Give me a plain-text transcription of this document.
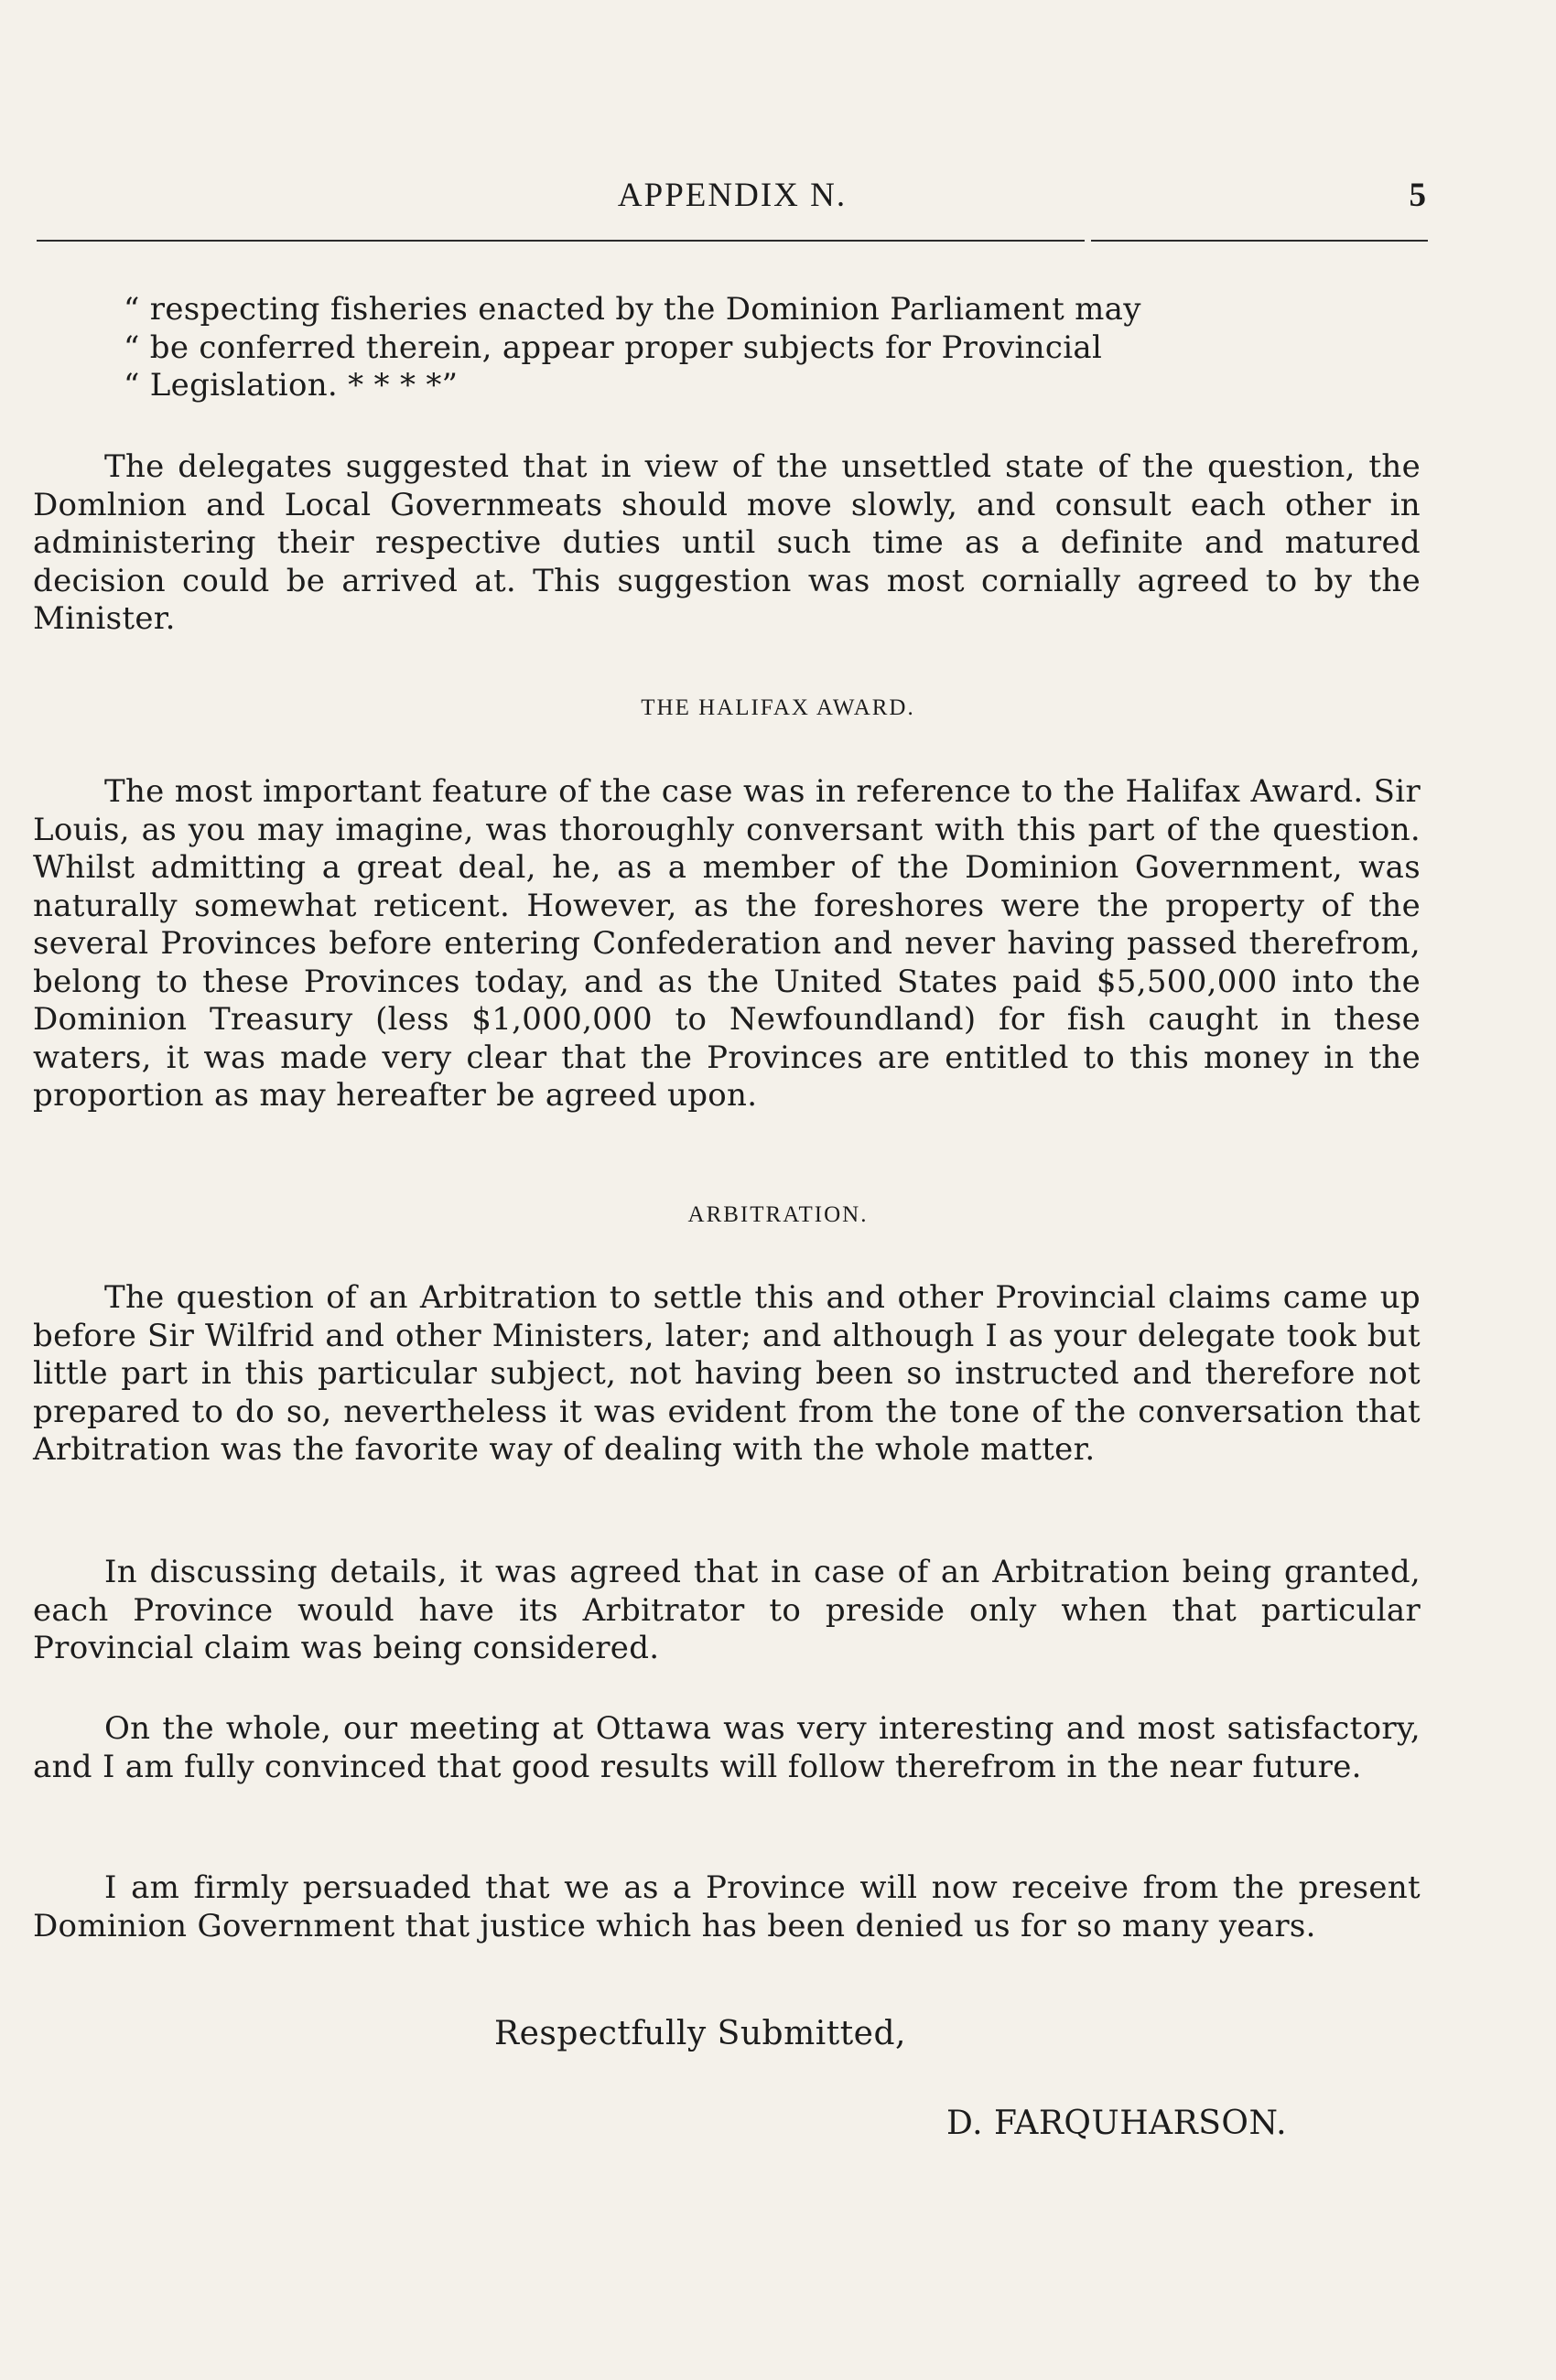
APPENDIX N.	5
“ respecting fisheries enacted by the Dominion Parliament may
“ be conferred therein, appear proper subjects for Provincial
“ Legislation. * * * *”
The delegates suggested that in view of the unsettled state of the question, the Domlnion and Local Governmeats should move slowly, and consult each other in administering their respective duties until such time as a definite and matured decision could be arrived at. This suggestion was most cornially agreed to by the Minister.
THE HALIFAX AWARD.
The most important feature of the case was in reference to the Halifax Award. Sir Louis, as you may imagine, was thoroughly conversant with this part of the question. Whilst admitting a great deal, he, as a member of the Dominion Government, was naturally somewhat reticent. However, as the foreshores were the property of the several Provinces before entering Confederation and never having passed therefrom, belong to these Provinces today, and as the United States paid $5,500,000 into the Dominion Treasury (less $1,000,000 to Newfoundland) for fish caught in these waters, it was made very clear that the Provinces are entitled to this money in the proportion as may hereafter be agreed upon.
ARBITRATION.
The question of an Arbitration to settle this and other Provincial claims came up before Sir Wilfrid and other Ministers, later; and although I as your delegate took but little part in this particular subject, not having been so instructed and therefore not prepared to do so, nevertheless it was evident from the tone of the conversation that Arbitration was the favorite way of dealing with the whole matter.
In discussing details, it was agreed that in case of an Arbitration being granted, each Province would have its Arbitrator to preside only when that particular Provincial claim was being considered.
On the whole, our meeting at Ottawa was very interesting and most satisfactory, and I am fully convinced that good results will follow therefrom in the near future.
I am firmly persuaded that we as a Province will now receive from the present Dominion Government that justice which has been denied us for so many years.
Respectfully Submitted,
D. FARQUHARSON.
